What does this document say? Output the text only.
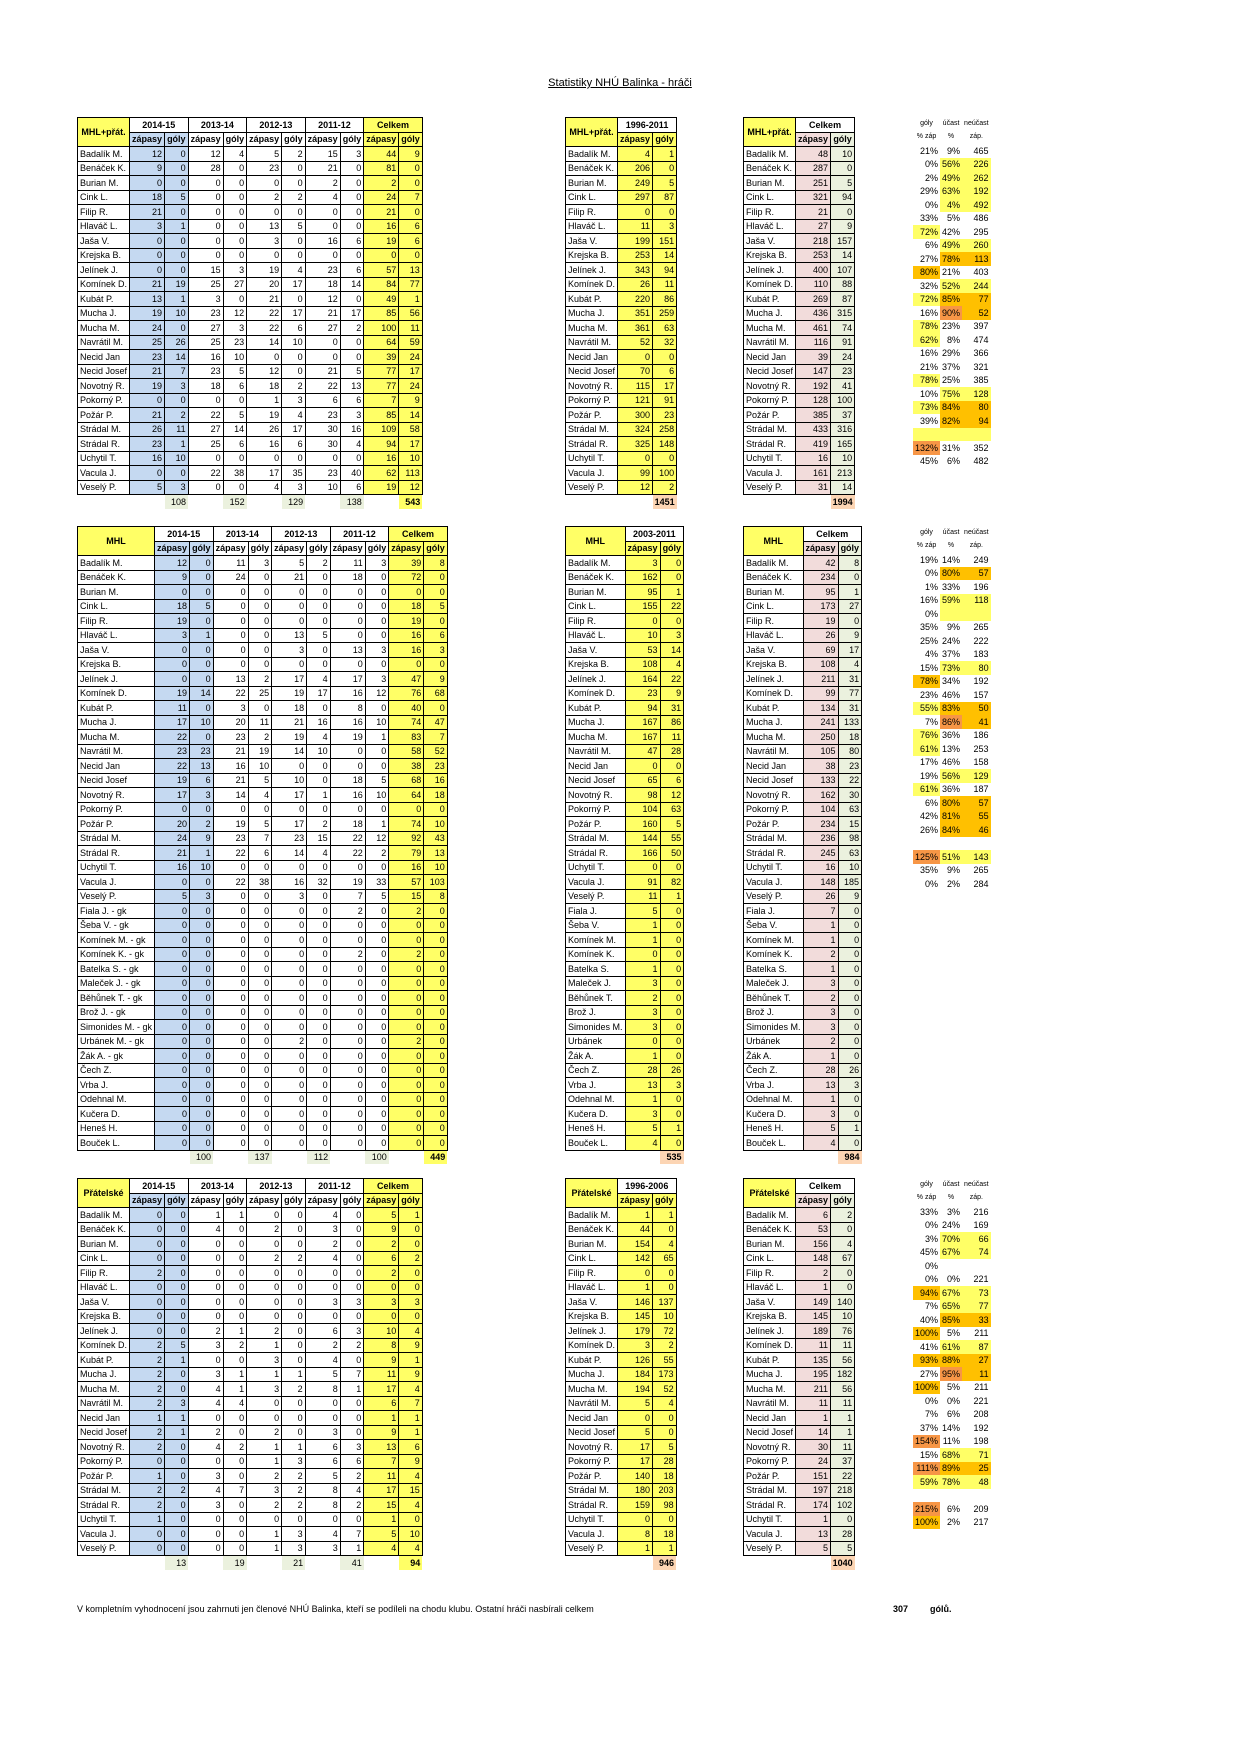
Statistiky NHÚ Balinka - hráči
MHL+přát.	2014-15		2013-14		2012-13		2011-12		Celkem	
	zápasy	góly	zápasy	góly	zápasy	góly	zápasy	góly	zápasy	góly
Badalík M.	12	0	12	4	5	2	15	3	44	9
Benáček K.	9	0	28	0	23	0	21	0	81	0
Burian M.	0	0	0	0	0	0	2	0	2	0
Cink L.	18	5	0	0	2	2	4	0	24	7
Filip R.	21	0	0	0	0	0	0	0	21	0
Hlaváč L.	3	1	0	0	13	5	0	0	16	6
Jaša V.	0	0	0	0	3	0	16	6	19	6
Krejska B.	0	0	0	0	0	0	0	0	0	0
Jelínek J.	0	0	15	3	19	4	23	6	57	13
Komínek D.	21	19	25	27	20	17	18	14	84	77
Kubát P.	13	1	3	0	21	0	12	0	49	1
Mucha J.	19	10	23	12	22	17	21	17	85	56
Mucha M.	24	0	27	3	22	6	27	2	100	11
Navrátil M.	25	26	25	23	14	10	0	0	64	59
Necid Jan	23	14	16	10	0	0	0	0	39	24
Necid Josef	21	7	23	5	12	0	21	5	77	17
Novotný R.	19	3	18	6	18	2	22	13	77	24
Pokorný P.	0	0	0	0	1	3	6	6	7	9
Požár P.	21	2	22	5	19	4	23	3	85	14
Strádal M.	26	11	27	14	26	17	30	16	109	58
Strádal R.	23	1	25	6	16	6	30	4	94	17
Uchytil T.	16	10	0	0	0	0	0	0	16	10
Vacula J.	0	0	22	38	17	35	23	40	62	113
Veselý P.	5	3	0	0	4	3	10	6	19	12
		108		152		129		138		543
MHL+přát.	1996-2011	
	zápasy	góly
Badalík M.	4	1
Benáček K.	206	0
Burian M.	249	5
Cink L.	297	87
Filip R.	0	0
Hlaváč L.	11	3
Jaša V.	199	151
Krejska B.	253	14
Jelínek J.	343	94
Komínek D.	26	11
Kubát P.	220	86
Mucha J.	351	259
Mucha M.	361	63
Navrátil M.	52	32
Necid Jan	0	0
Necid Josef	70	6
Novotný R.	115	17
Pokorný P.	121	91
Požár P.	300	23
Strádal M.	324	258
Strádal R.	325	148
Uchytil T.	0	0
Vacula J.	99	100
Veselý P.	12	2
		1451
MHL+přát.	Celkem	
	zápasy	góly
Badalík M.	48	10
Benáček K.	287	0
Burian M.	251	5
Cink L.	321	94
Filip R.	21	0
Hlaváč L.	27	9
Jaša V.	218	157
Krejska B.	253	14
Jelínek J.	400	107
Komínek D.	110	88
Kubát P.	269	87
Mucha J.	436	315
Mucha M.	461	74
Navrátil M.	116	91
Necid Jan	39	24
Necid Josef	147	23
Novotný R.	192	41
Pokorný P.	128	100
Požár P.	385	37
Strádal M.	433	316
Strádal R.	419	165
Uchytil T.	16	10
Vacula J.	161	213
Veselý P.	31	14
		1994
góly	účast	neúčast
% záp	%	záp.
21%	9%	465
0%	56%	226
2%	49%	262
29%	63%	192
0%	4%	492
33%	5%	486
72%	42%	295
6%	49%	260
27%	78%	113
80%	21%	403
32%	52%	244
72%	85%	77
16%	90%	52
78%	23%	397
62%	8%	474
16%	29%	366
21%	37%	321
78%	25%	385
10%	75%	128
73%	84%	80
39%	82%	94

132%	31%	352
45%	6%	482
MHL	2014-15		2013-14		2012-13		2011-12		Celkem	
	zápasy	góly	zápasy	góly	zápasy	góly	zápasy	góly	zápasy	góly
Badalík M.	12	0	11	3	5	2	11	3	39	8
Benáček K.	9	0	24	0	21	0	18	0	72	0
Burian M.	0	0	0	0	0	0	0	0	0	0
Cink L.	18	5	0	0	0	0	0	0	18	5
Filip R.	19	0	0	0	0	0	0	0	19	0
Hlaváč L.	3	1	0	0	13	5	0	0	16	6
Jaša V.	0	0	0	0	3	0	13	3	16	3
Krejska B.	0	0	0	0	0	0	0	0	0	0
Jelínek J.	0	0	13	2	17	4	17	3	47	9
Komínek D.	19	14	22	25	19	17	16	12	76	68
Kubát P.	11	0	3	0	18	0	8	0	40	0
Mucha J.	17	10	20	11	21	16	16	10	74	47
Mucha M.	22	0	23	2	19	4	19	1	83	7
Navrátil M.	23	23	21	19	14	10	0	0	58	52
Necid Jan	22	13	16	10	0	0	0	0	38	23
Necid Josef	19	6	21	5	10	0	18	5	68	16
Novotný R.	17	3	14	4	17	1	16	10	64	18
Pokorný P.	0	0	0	0	0	0	0	0	0	0
Požár P.	20	2	19	5	17	2	18	1	74	10
Strádal M.	24	9	23	7	23	15	22	12	92	43
Strádal R.	21	1	22	6	14	4	22	2	79	13
Uchytil T.	16	10	0	0	0	0	0	0	16	10
Vacula J.	0	0	22	38	16	32	19	33	57	103
Veselý P.	5	3	0	0	3	0	7	5	15	8
Fiala J. - gk	0	0	0	0	0	0	2	0	2	0
Šeba V. - gk	0	0	0	0	0	0	0	0	0	0
Komínek M. - gk	0	0	0	0	0	0	0	0	0	0
Komínek K. - gk	0	0	0	0	0	0	2	0	2	0
Batelka S. - gk	0	0	0	0	0	0	0	0	0	0
Maleček J. - gk	0	0	0	0	0	0	0	0	0	0
Běhůnek T. - gk	0	0	0	0	0	0	0	0	0	0
Brož J. - gk	0	0	0	0	0	0	0	0	0	0
Simonides M. - gk	0	0	0	0	0	0	0	0	0	0
Urbánek M. - gk	0	0	0	0	2	0	0	0	2	0
Žák A. - gk	0	0	0	0	0	0	0	0	0	0
Čech Z.	0	0	0	0	0	0	0	0	0	0
Vrba J.	0	0	0	0	0	0	0	0	0	0
Odehnal M.	0	0	0	0	0	0	0	0	0	0
Kučera D.	0	0	0	0	0	0	0	0	0	0
Heneš H.	0	0	0	0	0	0	0	0	0	0
Bouček L.	0	0	0	0	0	0	0	0	0	0
		100		137		112		100		449
MHL	2003-2011	
	zápasy	góly
Badalík M.	3	0
Benáček K.	162	0
Burian M.	95	1
Cink L.	155	22
Filip R.	0	0
Hlaváč L.	10	3
Jaša V.	53	14
Krejska B.	108	4
Jelínek J.	164	22
Komínek D.	23	9
Kubát P.	94	31
Mucha J.	167	86
Mucha M.	167	11
Navrátil M.	47	28
Necid Jan	0	0
Necid Josef	65	6
Novotný R.	98	12
Pokorný P.	104	63
Požár P.	160	5
Strádal M.	144	55
Strádal R.	166	50
Uchytil T.	0	0
Vacula J.	91	82
Veselý P.	11	1
Fiala J.	5	0
Šeba V.	1	0
Komínek M.	1	0
Komínek K.	0	0
Batelka S.	1	0
Maleček J.	3	0
Běhůnek T.	2	0
Brož J.	3	0
Simonides M.	3	0
Urbánek	0	0
Žák A.	1	0
Čech Z.	28	26
Vrba J.	13	3
Odehnal M.	1	0
Kučera D.	3	0
Heneš H.	5	1
Bouček L.	4	0
		535
MHL	Celkem	
	zápasy	góly
Badalík M.	42	8
Benáček K.	234	0
Burian M.	95	1
Cink L.	173	27
Filip R.	19	0
Hlaváč L.	26	9
Jaša V.	69	17
Krejska B.	108	4
Jelínek J.	211	31
Komínek D.	99	77
Kubát P.	134	31
Mucha J.	241	133
Mucha M.	250	18
Navrátil M.	105	80
Necid Jan	38	23
Necid Josef	133	22
Novotný R.	162	30
Pokorný P.	104	63
Požár P.	234	15
Strádal M.	236	98
Strádal R.	245	63
Uchytil T.	16	10
Vacula J.	148	185
Veselý P.	26	9
Fiala J.	7	0
Šeba V.	1	0
Komínek M.	1	0
Komínek K.	2	0
Batelka S.	1	0
Maleček J.	3	0
Běhůnek T.	2	0
Brož J.	3	0
Simonides M.	3	0
Urbánek	2	0
Žák A.	1	0
Čech Z.	28	26
Vrba J.	13	3
Odehnal M.	1	0
Kučera D.	3	0
Heneš H.	5	1
Bouček L.	4	0
		984
góly	účast	neúčast
% záp	%	záp.
19%	14%	249
0%	80%	57
1%	33%	196
16%	59%	118
0%		
35%	9%	265
25%	24%	222
4%	37%	183
15%	73%	80
78%	34%	192
23%	46%	157
55%	83%	50
7%	86%	41
76%	36%	186
61%	13%	253
17%	46%	158
19%	56%	129
61%	36%	187
6%	80%	57
42%	81%	55
26%	84%	46

125%	51%	143
35%	9%	265
0%	2%	284

Přátelské	2014-15		2013-14		2012-13		2011-12		Celkem	
	zápasy	góly	zápasy	góly	zápasy	góly	zápasy	góly	zápasy	góly
Badalík M.	0	0	1	1	0	0	4	0	5	1
Benáček K.	0	0	4	0	2	0	3	0	9	0
Burian M.	0	0	0	0	0	0	2	0	2	0
Cink L.	0	0	0	0	2	2	4	0	6	2
Filip R.	2	0	0	0	0	0	0	0	2	0
Hlaváč L.	0	0	0	0	0	0	0	0	0	0
Jaša V.	0	0	0	0	0	0	3	3	3	3
Krejska B.	0	0	0	0	0	0	0	0	0	0
Jelínek J.	0	0	2	1	2	0	6	3	10	4
Komínek D.	2	5	3	2	1	0	2	2	8	9
Kubát P.	2	1	0	0	3	0	4	0	9	1
Mucha J.	2	0	3	1	1	1	5	7	11	9
Mucha M.	2	0	4	1	3	2	8	1	17	4
Navrátil M.	2	3	4	4	0	0	0	0	6	7
Necid Jan	1	1	0	0	0	0	0	0	1	1
Necid Josef	2	1	2	0	2	0	3	0	9	1
Novotný R.	2	0	4	2	1	1	6	3	13	6
Pokorný P.	0	0	0	0	1	3	6	6	7	9
Požár P.	1	0	3	0	2	2	5	2	11	4
Strádal M.	2	2	4	7	3	2	8	4	17	15
Strádal R.	2	0	3	0	2	2	8	2	15	4
Uchytil T.	1	0	0	0	0	0	0	0	1	0
Vacula J.	0	0	0	0	1	3	4	7	5	10
Veselý P.	0	0	0	0	1	3	3	1	4	4
		13		19		21		41		94
Přátelské	1996-2006	
	zápasy	góly
Badalík M.	1	1
Benáček K.	44	0
Burian M.	154	4
Cink L.	142	65
Filip R.	0	0
Hlaváč L.	1	0
Jaša V.	146	137
Krejska B.	145	10
Jelínek J.	179	72
Komínek D.	3	2
Kubát P.	126	55
Mucha J.	184	173
Mucha M.	194	52
Navrátil M.	5	4
Necid Jan	0	0
Necid Josef	5	0
Novotný R.	17	5
Pokorný P.	17	28
Požár P.	140	18
Strádal M.	180	203
Strádal R.	159	98
Uchytil T.	0	0
Vacula J.	8	18
Veselý P.	1	1
		946
Přátelské	Celkem	
	zápasy	góly
Badalík M.	6	2
Benáček K.	53	0
Burian M.	156	4
Cink L.	148	67
Filip R.	2	0
Hlaváč L.	1	0
Jaša V.	149	140
Krejska B.	145	10
Jelínek J.	189	76
Komínek D.	11	11
Kubát P.	135	56
Mucha J.	195	182
Mucha M.	211	56
Navrátil M.	11	11
Necid Jan	1	1
Necid Josef	14	1
Novotný R.	30	11
Pokorný P.	24	37
Požár P.	151	22
Strádal M.	197	218
Strádal R.	174	102
Uchytil T.	1	0
Vacula J.	13	28
Veselý P.	5	5
		1040
góly	účast	neúčast
% záp	%	záp.
33%	3%	216
0%	24%	169
3%	70%	66
45%	67%	74
0%		
0%	0%	221
94%	67%	73
7%	65%	77
40%	85%	33
100%	5%	211
41%	61%	87
93%	88%	27
27%	95%	11
100%	5%	211
0%	0%	221
7%	6%	208
37%	14%	192
154%	11%	198
15%	68%	71
111%	89%	25
59%	78%	48

215%	6%	209
100%	2%	217
V kompletním vyhodnocení jsou zahrnuti jen členové NHÚ Balinka, kteří se podíleli na chodu klubu. Ostatní hráči nasbírali celkem	307 gólů.
